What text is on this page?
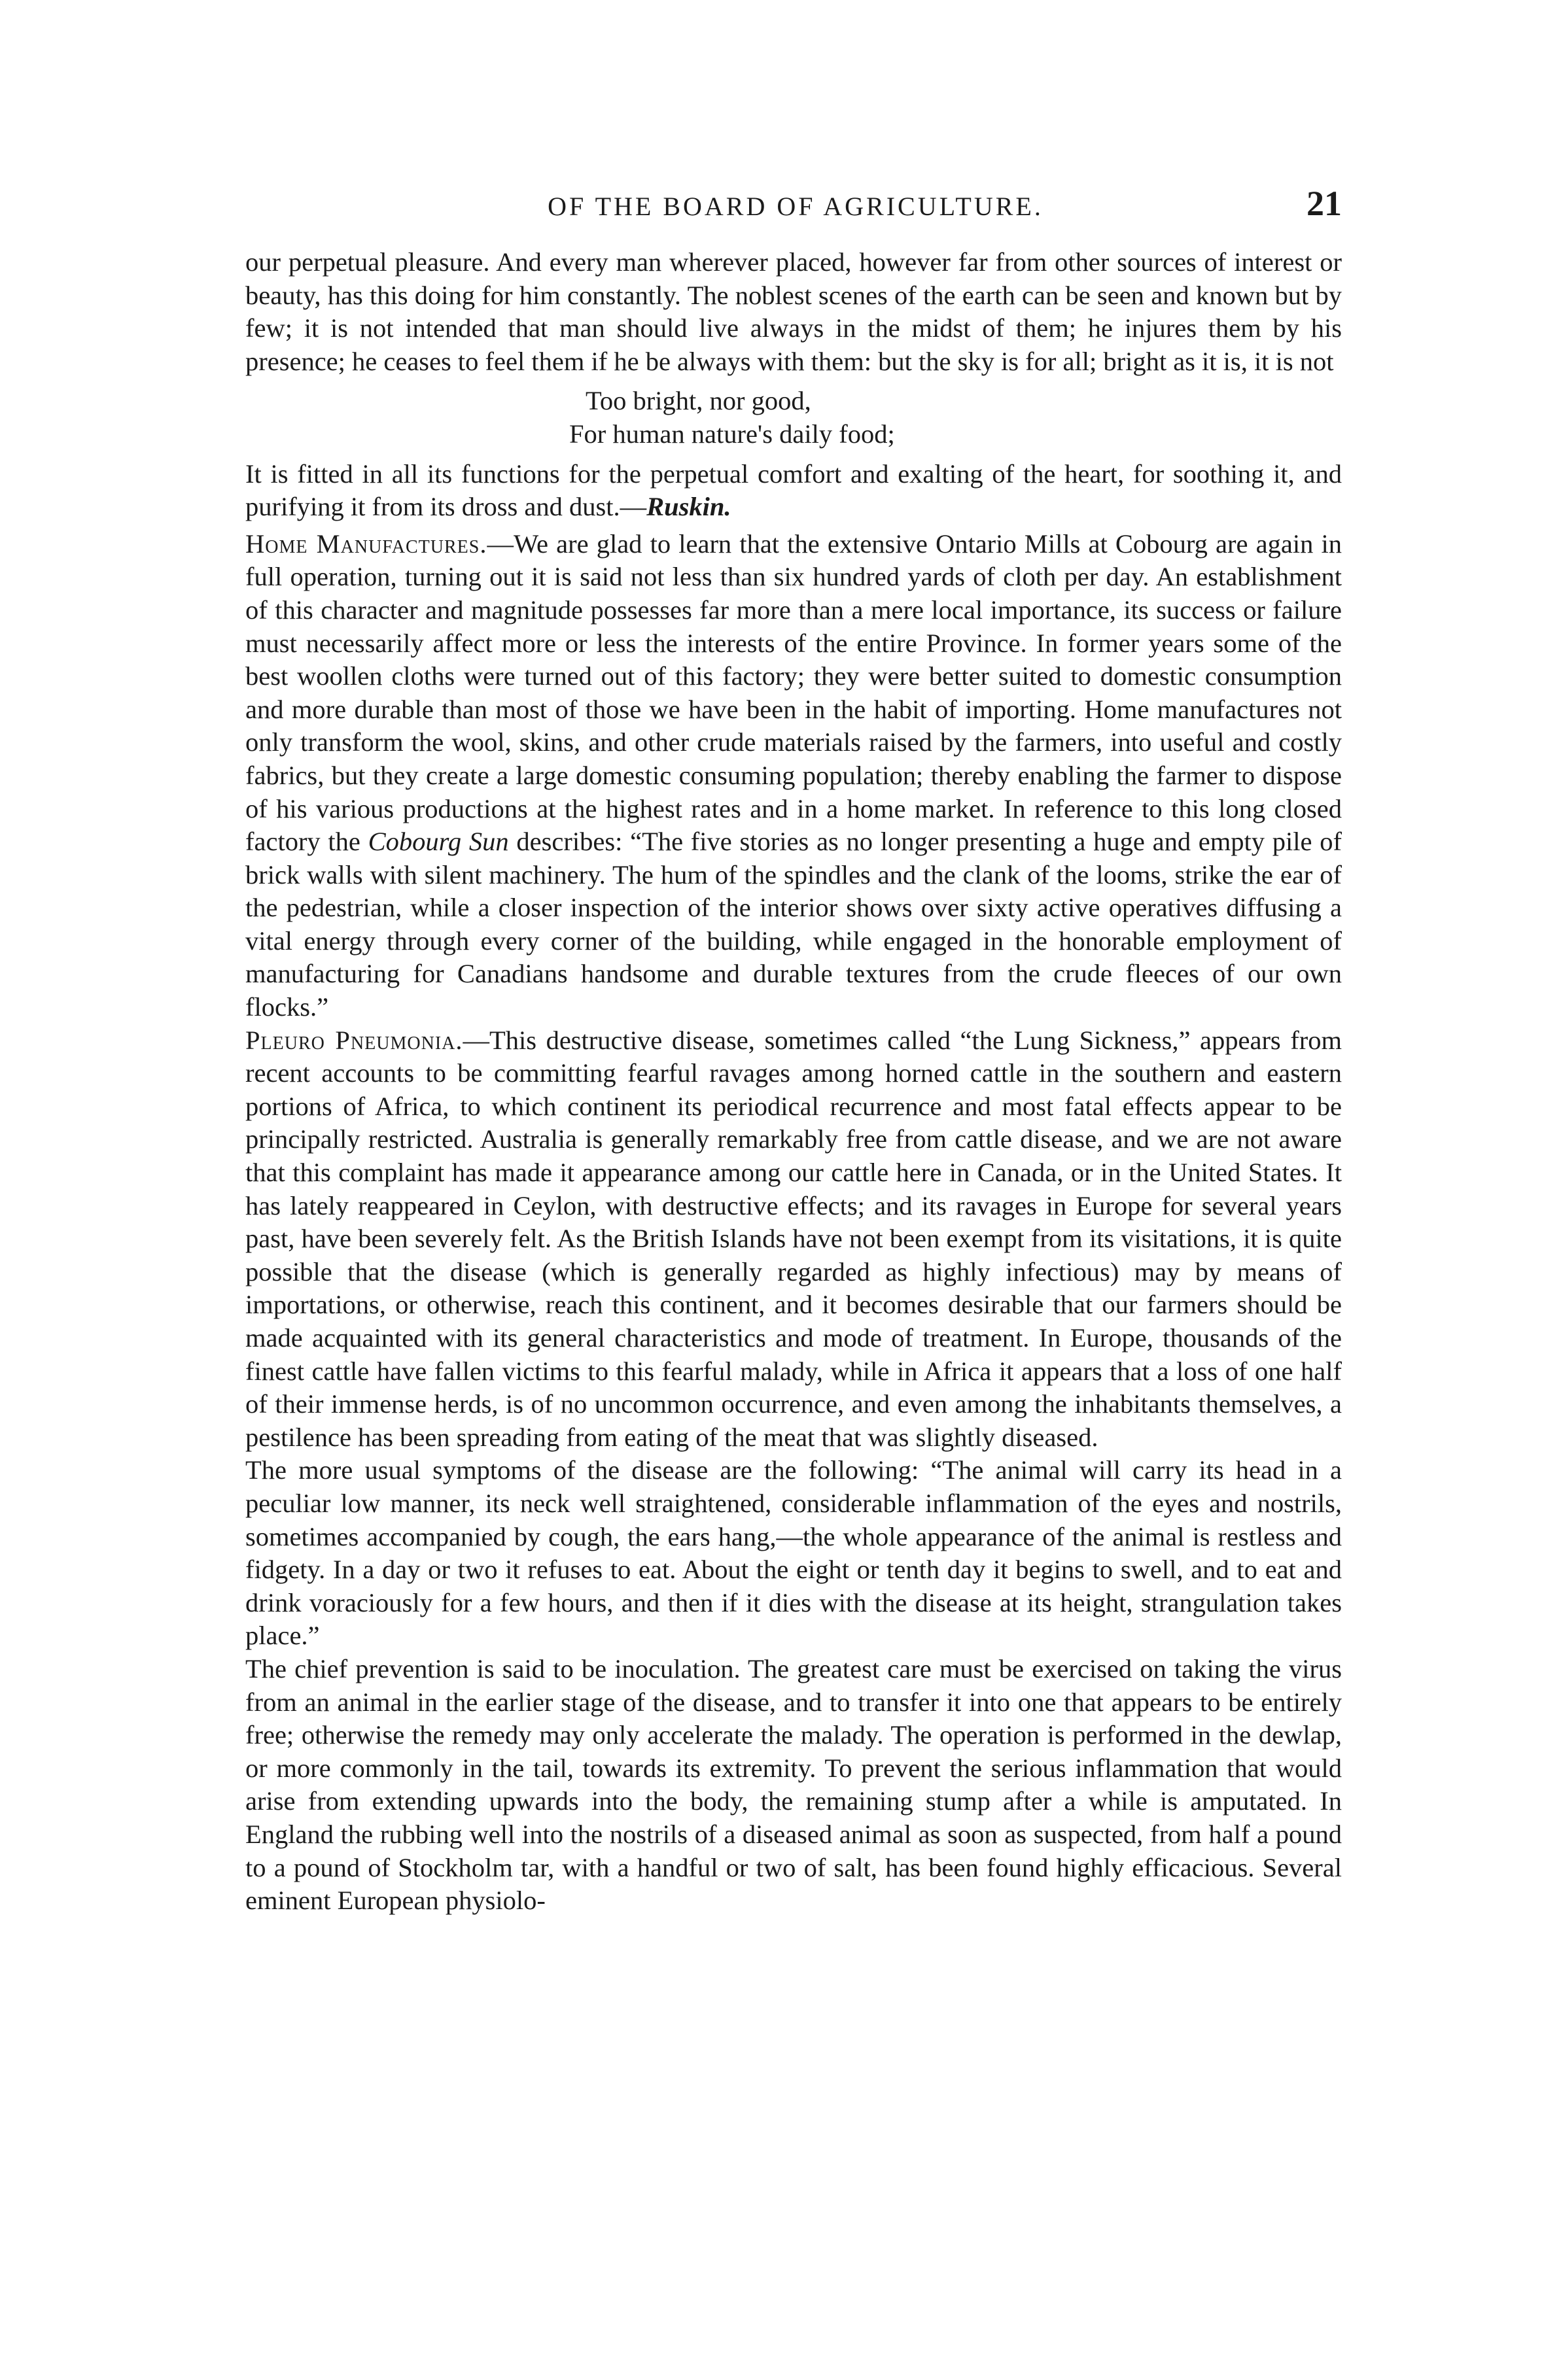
OF THE BOARD OF AGRICULTURE.	21

our perpetual pleasure. And every man wherever placed, however far from other sources of interest or beauty, has this doing for him constantly. The noblest scenes of the earth can be seen and known but by few; it is not intended that man should live always in the midst of them; he injures them by his presence; he ceases to feel them if he be always with them: but the sky is for all; bright as it is, it is not

Too bright, nor good,
For human nature's daily food;

It is fitted in all its functions for the perpetual comfort and exalting of the heart, for soothing it, and purifying it from its dross and dust.—Ruskin.

Home Manufactures.—We are glad to learn that the extensive Ontario Mills at Cobourg are again in full operation, turning out it is said not less than six hundred yards of cloth per day. An establishment of this character and magnitude possesses far more than a mere local importance, its success or failure must necessarily affect more or less the interests of the entire Province. In former years some of the best woollen cloths were turned out of this factory; they were better suited to domestic consumption and more durable than most of those we have been in the habit of importing. Home manufactures not only transform the wool, skins, and other crude materials raised by the farmers, into useful and costly fabrics, but they create a large domestic consuming population; thereby enabling the farmer to dispose of his various productions at the highest rates and in a home market. In reference to this long closed factory the Cobourg Sun describes: “The five stories as no longer presenting a huge and empty pile of brick walls with silent machinery. The hum of the spindles and the clank of the looms, strike the ear of the pedestrian, while a closer inspection of the interior shows over sixty active operatives diffusing a vital energy through every corner of the building, while engaged in the honorable employment of manufacturing for Canadians handsome and durable textures from the crude fleeces of our own flocks.”

Pleuro Pneumonia.—This destructive disease, sometimes called “the Lung Sickness,” appears from recent accounts to be committing fearful ravages among horned cattle in the southern and eastern portions of Africa, to which continent its periodical recurrence and most fatal effects appear to be principally restricted. Australia is generally remarkably free from cattle disease, and we are not aware that this complaint has made it appearance among our cattle here in Canada, or in the United States. It has lately reappeared in Ceylon, with destructive effects; and its ravages in Europe for several years past, have been severely felt. As the British Islands have not been exempt from its visitations, it is quite possible that the disease (which is generally regarded as highly infectious) may by means of importations, or otherwise, reach this continent, and it becomes desirable that our farmers should be made acquainted with its general characteristics and mode of treatment. In Europe, thousands of the finest cattle have fallen victims to this fearful malady, while in Africa it appears that a loss of one half of their immense herds, is of no uncommon occurrence, and even among the inhabitants themselves, a pestilence has been spreading from eating of the meat that was slightly diseased.

The more usual symptoms of the disease are the following: “The animal will carry its head in a peculiar low manner, its neck well straightened, considerable inflammation of the eyes and nostrils, sometimes accompanied by cough, the ears hang,—the whole appearance of the animal is restless and fidgety. In a day or two it refuses to eat. About the eight or tenth day it begins to swell, and to eat and drink voraciously for a few hours, and then if it dies with the disease at its height, strangulation takes place.”

The chief prevention is said to be inoculation. The greatest care must be exercised on taking the virus from an animal in the earlier stage of the disease, and to transfer it into one that appears to be entirely free; otherwise the remedy may only accelerate the malady. The operation is performed in the dewlap, or more commonly in the tail, towards its extremity. To prevent the serious inflammation that would arise from extending upwards into the body, the remaining stump after a while is amputated. In England the rubbing well into the nostrils of a diseased animal as soon as suspected, from half a pound to a pound of Stockholm tar, with a handful or two of salt, has been found highly efficacious. Several eminent European physiolo-
